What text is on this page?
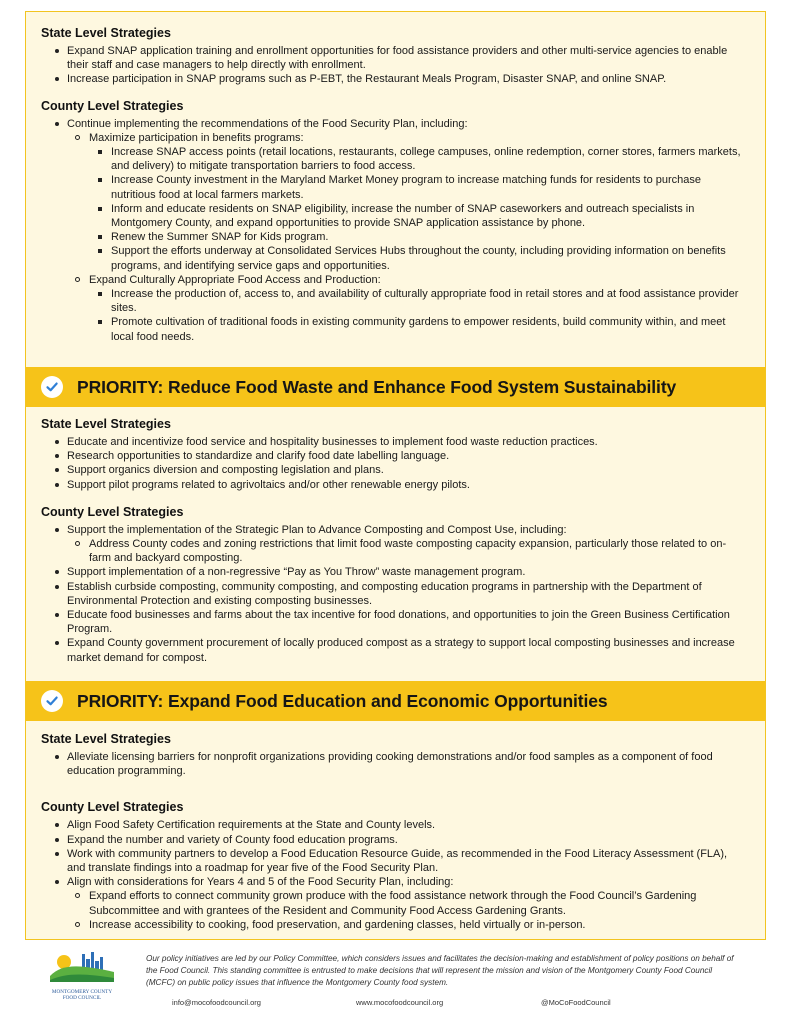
State Level Strategies
Expand SNAP application training and enrollment opportunities for food assistance providers and other multi-service agencies to enable their staff and case managers to help directly with enrollment.
Increase participation in SNAP programs such as P-EBT, the Restaurant Meals Program, Disaster SNAP, and online SNAP.
County Level Strategies
Continue implementing the recommendations of the Food Security Plan, including:
Maximize participation in benefits programs:
Increase SNAP access points (retail locations, restaurants, college campuses, online redemption, corner stores, farmers markets, and delivery) to mitigate transportation barriers to food access.
Increase County investment in the Maryland Market Money program to increase matching funds for residents to purchase nutritious food at local farmers markets.
Inform and educate residents on SNAP eligibility, increase the number of SNAP caseworkers and outreach specialists in Montgomery County, and expand opportunities to provide SNAP application assistance by phone.
Renew the Summer SNAP for Kids program.
Support the efforts underway at Consolidated Services Hubs throughout the county, including providing information on benefits programs, and identifying service gaps and opportunities.
Expand Culturally Appropriate Food Access and Production:
Increase the production of, access to, and availability of culturally appropriate food in retail stores and at food assistance provider sites.
Promote cultivation of traditional foods in existing community gardens to empower residents, build community within, and meet local food needs.
PRIORITY: Reduce Food Waste and Enhance Food System Sustainability
State Level Strategies
Educate and incentivize food service and hospitality businesses to implement food waste reduction practices.
Research opportunities to standardize and clarify food date labelling language.
Support organics diversion and composting legislation and plans.
Support pilot programs related to agrivoltaics and/or other renewable energy pilots.
County Level Strategies
Support the implementation of the Strategic Plan to Advance Composting and Compost Use, including:
Address County codes and zoning restrictions that limit food waste composting capacity expansion, particularly those related to on-farm and backyard composting.
Support implementation of a non-regressive “Pay as You Throw” waste management program.
Establish curbside composting, community composting, and composting education programs in partnership with the Department of Environmental Protection and existing composting businesses.
Educate food businesses and farms about the tax incentive for food donations, and opportunities to join the Green Business Certification Program.
Expand County government procurement of locally produced compost as a strategy to support local composting businesses and increase market demand for compost.
PRIORITY: Expand Food Education and Economic Opportunities
State Level Strategies
Alleviate licensing barriers for nonprofit organizations providing cooking demonstrations and/or food samples as a component of food education programming.
County Level Strategies
Align Food Safety Certification requirements at the State and County levels.
Expand the number and variety of County food education programs.
Work with community partners to develop a Food Education Resource Guide, as recommended in the Food Literacy Assessment (FLA), and translate findings into a roadmap for year five of the Food Security Plan.
Align with considerations for Years 4 and 5 of the Food Security Plan, including:
Expand efforts to connect community grown produce with the food assistance network through the Food Council’s Gardening Subcommittee and with grantees of the Resident and Community Food Access Gardening Grants.
Increase accessibility to cooking, food preservation, and gardening classes, held virtually or in-person.
MONTGOMERY COUNTY
FOOD COUNCIL
Our policy initiatives are led by our Policy Committee, which considers issues and facilitates the decision-making and establishment of policy positions on behalf of the Food Council. This standing committee is entrusted to make decisions that will represent the mission and vision of the Montgomery County Food Council (MCFC) on public policy issues that influence the Montgomery County food system.
info@mocofoodcouncil.org	www.mocofoodcouncil.org	@MoCoFoodCouncil
